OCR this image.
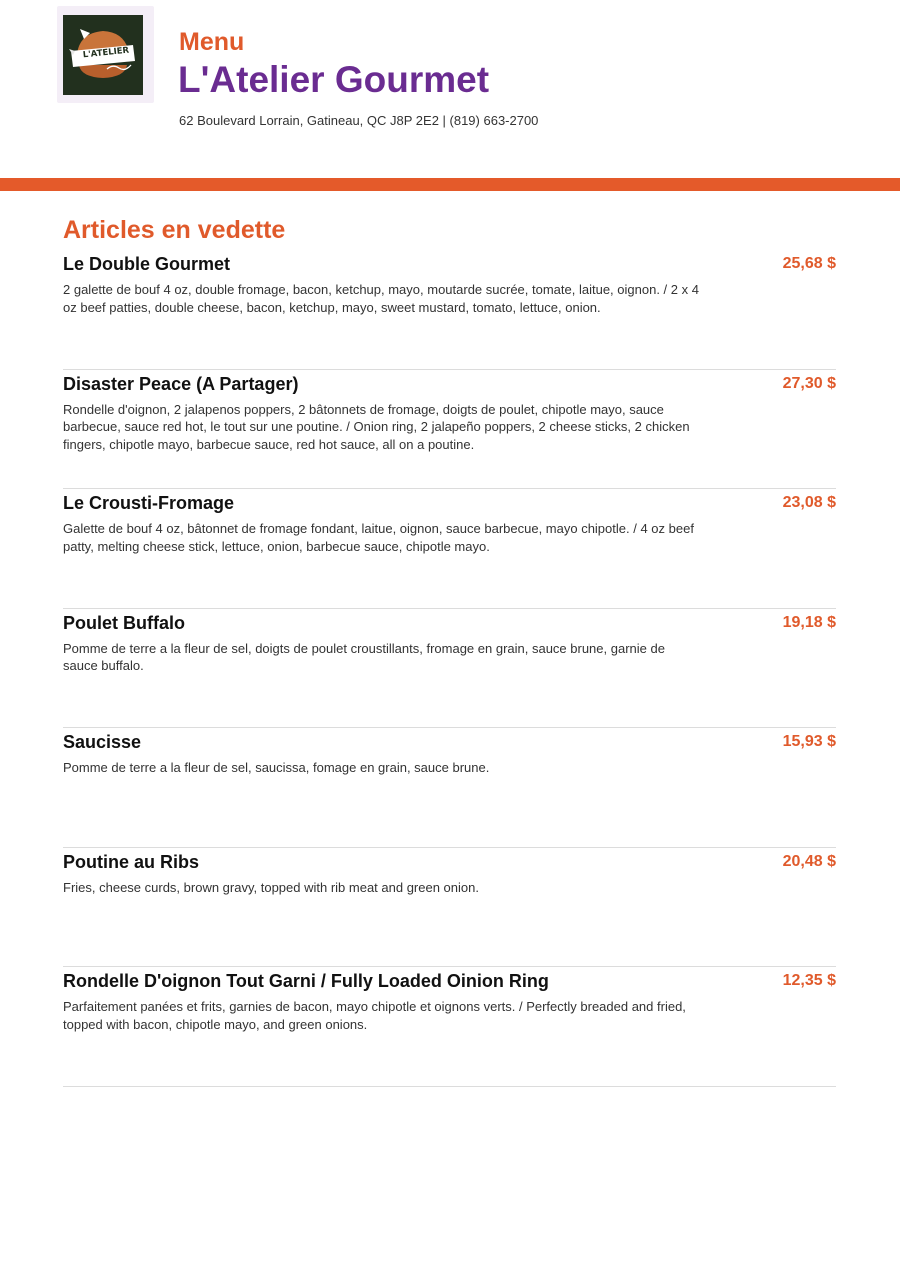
L'ATELIER Menu
L'Atelier Gourmet
62 Boulevard Lorrain, Gatineau, QC J8P 2E2 | (819) 663-2700
Articles en vedette
Le Double Gourmet	25,68 $
2 galette de bouf 4 oz, double fromage, bacon, ketchup, mayo, moutarde sucrée, tomate, laitue, oignon. / 2 x 4 oz beef patties, double cheese, bacon, ketchup, mayo, sweet mustard, tomato, lettuce, onion.
Disaster Peace (A Partager)	27,30 $
Rondelle d'oignon, 2 jalapenos poppers, 2 bâtonnets de fromage, doigts de poulet, chipotle mayo, sauce barbecue, sauce red hot, le tout sur une poutine. / Onion ring, 2 jalapeño poppers, 2 cheese sticks, 2 chicken fingers, chipotle mayo, barbecue sauce, red hot sauce, all on a poutine.
Le Crousti-Fromage	23,08 $
Galette de bouf 4 oz, bâtonnet de fromage fondant, laitue, oignon, sauce barbecue, mayo chipotle. / 4 oz beef patty, melting cheese stick, lettuce, onion, barbecue sauce, chipotle mayo.
Poulet Buffalo	19,18 $
Pomme de terre a la fleur de sel, doigts de poulet croustillants, fromage en grain, sauce brune, garnie de sauce buffalo.
Saucisse	15,93 $
Pomme de terre a la fleur de sel, saucissa, fomage en grain, sauce brune.
Poutine au Ribs	20,48 $
Fries, cheese curds, brown gravy, topped with rib meat and green onion.
Rondelle D'oignon Tout Garni / Fully Loaded Oinion Ring	12,35 $
Parfaitement panées et frits, garnies de bacon, mayo chipotle et oignons verts. / Perfectly breaded and fried, topped with bacon, chipotle mayo, and green onions.
